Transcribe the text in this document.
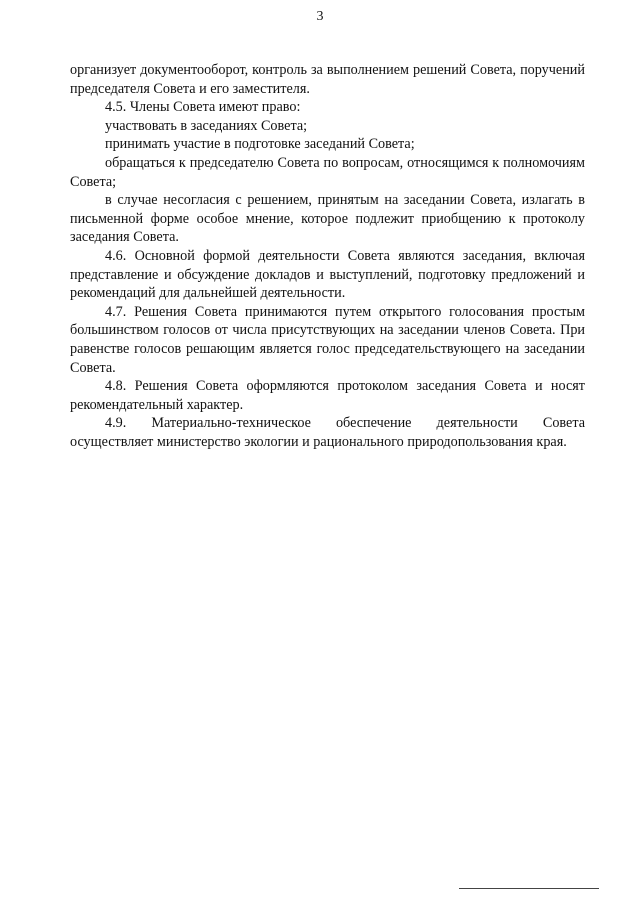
3

организует документооборот, контроль за выполнением решений Совета, поручений председателя Совета и его заместителя.

4.5. Члены Совета имеют право:

участвовать в заседаниях Совета;

принимать участие в подготовке заседаний Совета;

обращаться к председателю Совета по вопросам, относящимся к полномочиям Совета;

в случае несогласия с решением, принятым на заседании Совета, излагать в письменной форме особое мнение, которое подлежит приобщению к протоколу заседания Совета.

4.6. Основной формой деятельности Совета являются заседания, включая представление и обсуждение докладов и выступлений, подготовку предложений и рекомендаций для дальнейшей деятельности.

4.7. Решения Совета принимаются путем открытого голосования простым большинством голосов от числа присутствующих на заседании членов Совета. При равенстве голосов решающим является голос председательствующего на заседании Совета.

4.8. Решения Совета оформляются протоколом заседания Совета и носят рекомендательный характер.

4.9. Материально-техническое обеспечение деятельности Совета осуществляет министерство экологии и рационального природопользования края.
